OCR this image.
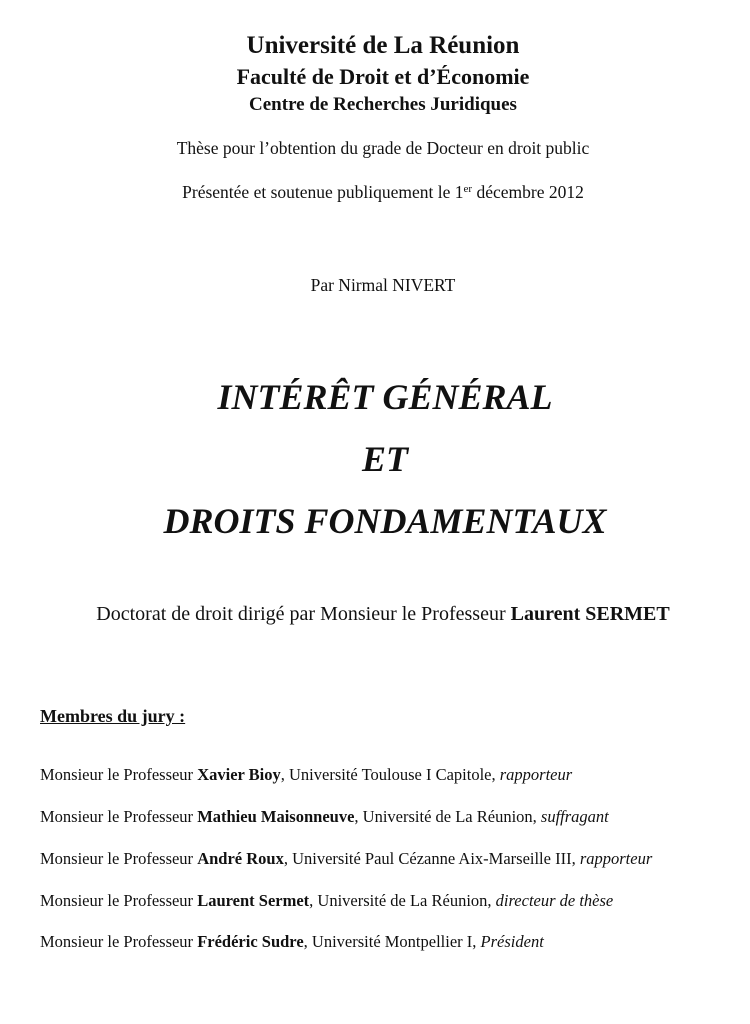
Université de La Réunion
Faculté de Droit et d’Économie
Centre de Recherches Juridiques
Thèse pour l’obtention du grade de Docteur en droit public
Présentée et soutenue publiquement le 1er décembre 2012
Par Nirmal NIVERT
INTÉRÊT GÉNÉRAL
ET
DROITS FONDAMENTAUX
Doctorat de droit dirigé par Monsieur le Professeur Laurent SERMET
Membres du jury :
Monsieur le Professeur Xavier Bioy, Université Toulouse I Capitole, rapporteur
Monsieur le Professeur Mathieu Maisonneuve, Université de La Réunion, suffragant
Monsieur le Professeur André Roux, Université Paul Cézanne Aix-Marseille III, rapporteur
Monsieur le Professeur Laurent Sermet, Université de La Réunion, directeur de thèse
Monsieur le Professeur Frédéric Sudre, Université Montpellier I, Président
